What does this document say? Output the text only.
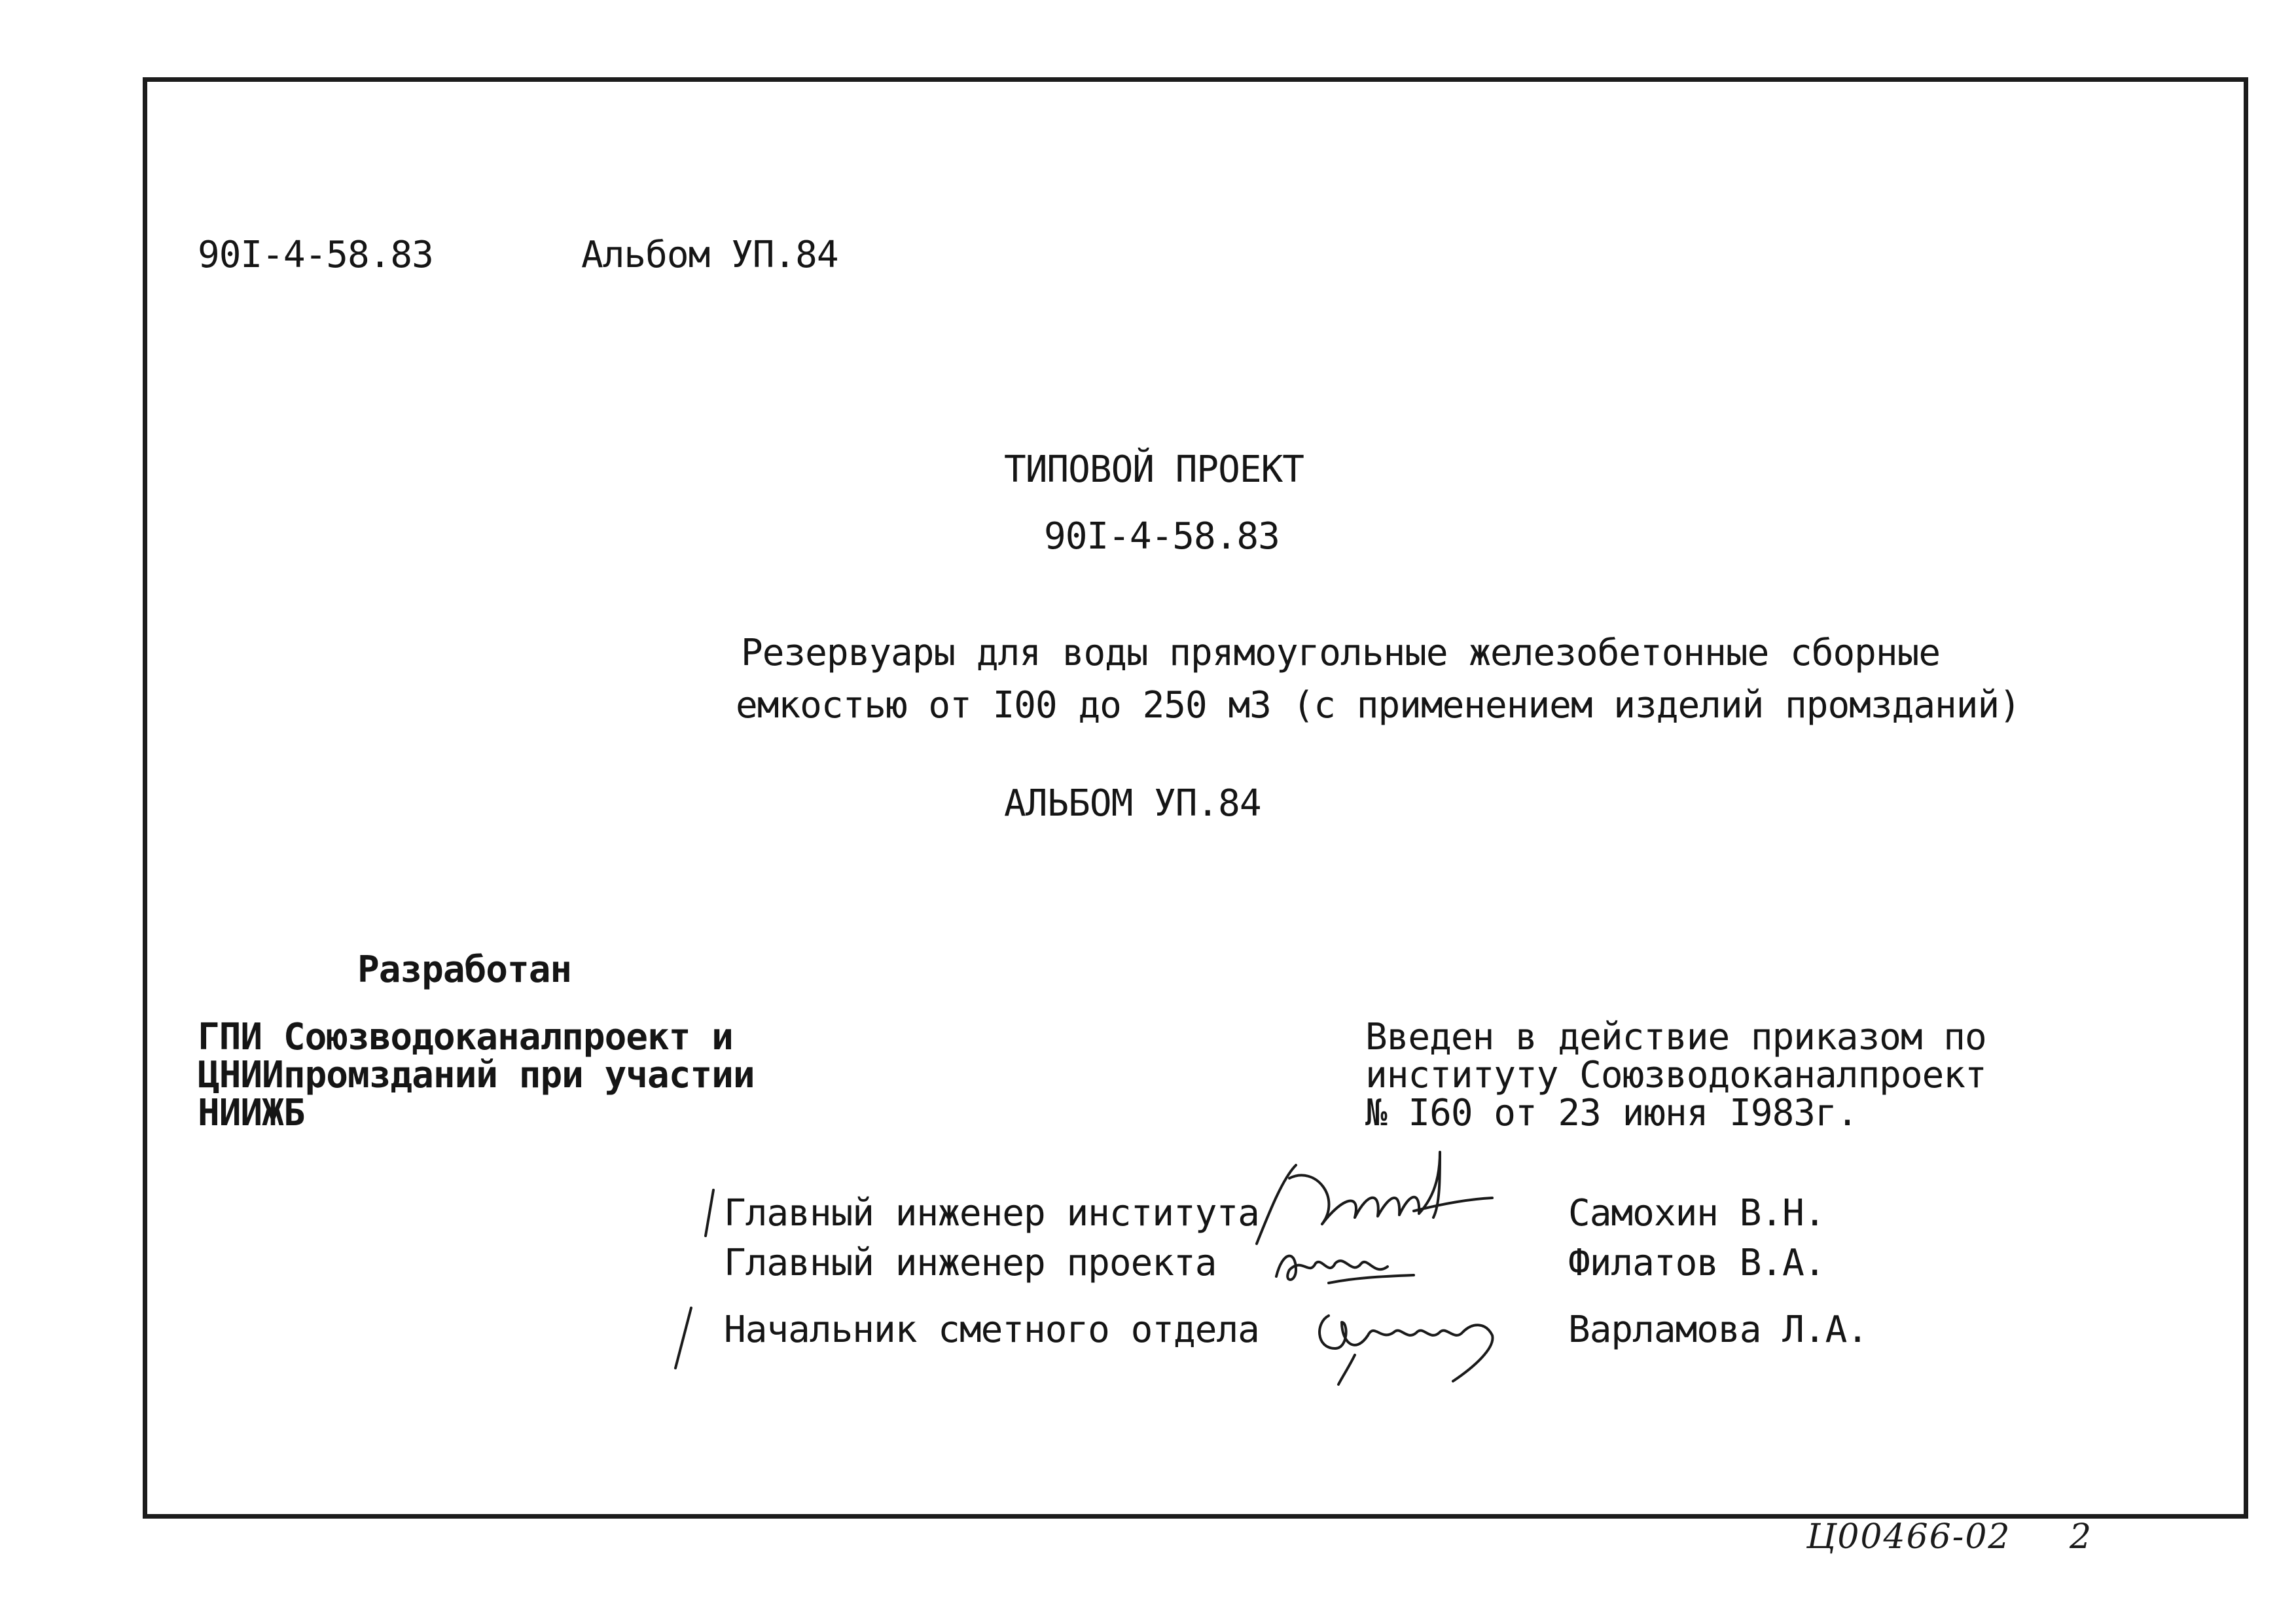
90I-4-58.83	Альбом УП.84
ТИПОВОЙ ПРОЕКТ
90I-4-58.83
Резервуары для воды прямоугольные железобетонные сборные
емкостью от I00 до 250 м3 (с применением изделий промзданий)
АЛЬБОМ УП.84
Разработан
ГПИ Союзводоканалпроект и
ЦНИИпромзданий при участии
НИИЖБ
Введен в действие приказом по
институту Союзводоканалпроект
№ I60 от 23 июня I983г.
Главный инженер института	Самохин В.Н.
Главный инженер проекта	Филатов В.А.
Начальник сметного отдела	Варламова Л.А.
Ц00466-02 2
